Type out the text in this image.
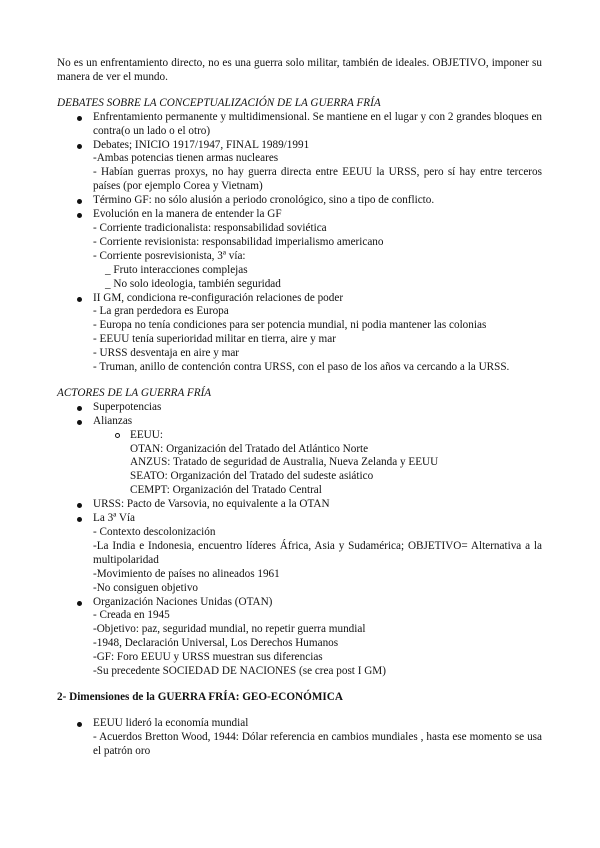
No es un enfrentamiento directo, no es una guerra solo militar, también de ideales. OBJETIVO, imponer su manera de ver el mundo.

DEBATES SOBRE LA CONCEPTUALIZACIÓN DE LA GUERRA FRÍA

Enfrentamiento permanente y multidimensional. Se mantiene en el lugar y con 2 grandes bloques en contra(o un lado o el otro)

Debates; INICIO 1917/1947, FINAL 1989/1991

-Ambas potencias tienen armas nucleares

- Habían guerras proxys, no hay guerra directa entre EEUU la URSS, pero sí hay entre terceros países (por ejemplo Corea y Vietnam)

Término GF: no sólo alusión a periodo cronológico, sino a tipo de conflicto.

Evolución en la manera de entender la GF

- Corriente tradicionalista: responsabilidad soviética

- Corriente revisionista: responsabilidad imperialismo americano

- Corriente posrevisionista, 3ª vía:

_ Fruto interacciones complejas

_ No solo ideologia, también seguridad

II GM, condiciona re-configuración relaciones de poder

- La gran perdedora es Europa

- Europa no tenía condiciones para ser potencia mundial, ni podia mantener las colonias

- EEUU tenía superioridad militar en tierra, aire y mar

- URSS desventaja en aire y mar

- Truman, anillo de contención contra URSS, con el paso de los años va cercando a la URSS.

ACTORES DE LA GUERRA FRÍA

Superpotencias

Alianzas

EEUU:

OTAN: Organización del Tratado del Atlántico Norte

ANZUS: Tratado de seguridad de Australia, Nueva Zelanda y EEUU

SEATO: Organización del Tratado del sudeste asiático

CEMPT: Organización del Tratado Central

URSS: Pacto de Varsovia, no equivalente a la OTAN

La 3ª Vía

- Contexto descolonización

-La India e Indonesia, encuentro líderes África, Asia y Sudamérica; OBJETIVO= Alternativa a la multipolaridad

-Movimiento de países no alineados 1961

-No consiguen objetivo

Organización Naciones Unidas (OTAN)

- Creada en 1945

-Objetivo: paz, seguridad mundial, no repetir guerra mundial

-1948, Declaración Universal, Los Derechos Humanos

-GF: Foro EEUU y URSS muestran sus diferencias

-Su precedente SOCIEDAD DE NACIONES (se crea post I GM)

2- Dimensiones de la GUERRA FRÍA: GEO-ECONÓMICA

EEUU lideró la economía mundial

- Acuerdos Bretton Wood, 1944: Dólar referencia en cambios mundiales , hasta ese momento se usa el patrón oro
